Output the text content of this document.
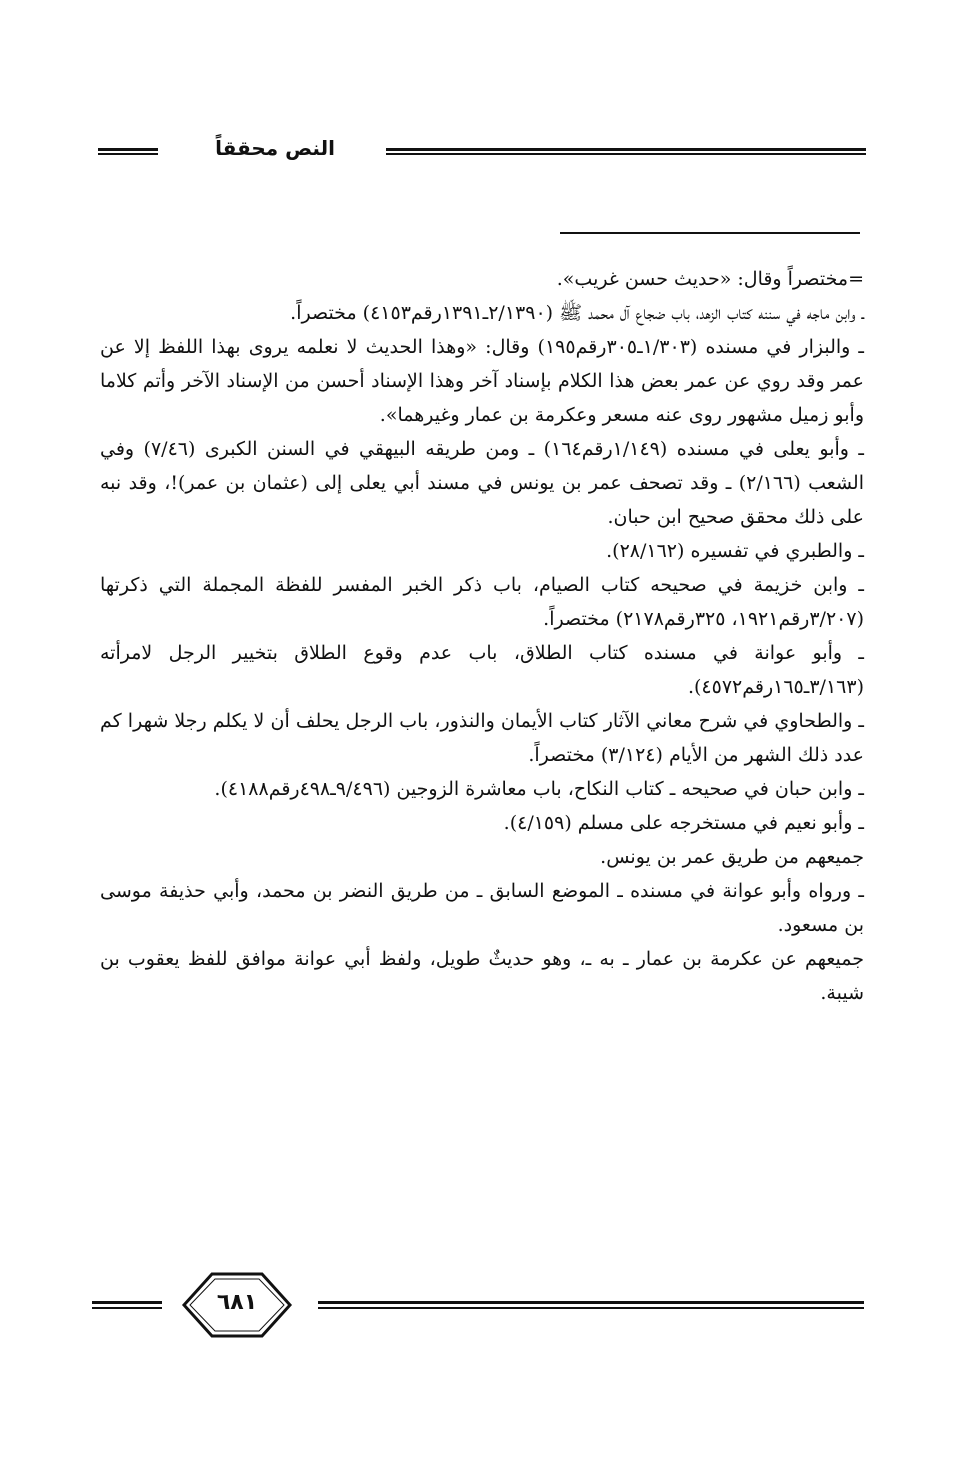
النص محققاً

=مختصراً وقال: «حديث حسن غريب».

ـ وابن ماجه في سننه كتاب الزهد، باب ضجاع آل محمد ﷺ (٢/١٣٩٠ـ١٣٩١رقم٤١٥٣) مختصراً.

ـ والبزار في مسنده (١/٣٠٣ـ٣٠٥رقم١٩٥) وقال: «وهذا الحديث لا نعلمه يروى بهذا اللفظ إلا عن عمر وقد روي عن عمر بعض هذا الكلام بإسناد آخر وهذا الإسناد أحسن من الإسناد الآخر وأتم كلاما وأبو زميل مشهور روى عنه مسعر وعكرمة بن عمار وغيرهما».

ـ وأبو يعلى في مسنده (١/١٤٩رقم١٦٤) ـ ومن طريقه البيهقي في السنن الكبرى (٧/٤٦) وفي الشعب (٢/١٦٦) ـ وقد تصحف عمر بن يونس في مسند أبي يعلى إلى (عثمان بن عمر)!، وقد نبه على ذلك محقق صحيح ابن حبان.

ـ والطبري في تفسيره (٢٨/١٦٢).

ـ وابن خزيمة في صحيحه كتاب الصيام، باب ذكر الخبر المفسر للفظة المجملة التي ذكرتها (٣/٢٠٧رقم١٩٢١، ٣٢٥رقم٢١٧٨) مختصراً.

ـ وأبو عوانة في مسنده كتاب الطلاق، باب عدم وقوع الطلاق بتخيير الرجل لامرأته (٣/١٦٣ـ١٦٥رقم٤٥٧٢).

ـ والطحاوي في شرح معاني الآثار كتاب الأيمان والنذور، باب الرجل يحلف أن لا يكلم رجلا شهرا كم عدد ذلك الشهر من الأيام (٣/١٢٤) مختصراً.

ـ وابن حبان في صحيحه ـ كتاب النكاح، باب معاشرة الزوجين (٩/٤٩٦ـ٤٩٨رقم٤١٨٨).

ـ وأبو نعيم في مستخرجه على مسلم (٤/١٥٩).

جميعهم من طريق عمر بن يونس.

ـ ورواه وأبو عوانة في مسنده ـ الموضع السابق ـ من طريق النضر بن محمد، وأبي حذيفة موسى بن مسعود.

جميعهم عن عكرمة بن عمار ـ به ـ، وهو حديثٌ طويل، ولفظ أبي عوانة موافق للفظ يعقوب بن شيبة.

٦٨١
